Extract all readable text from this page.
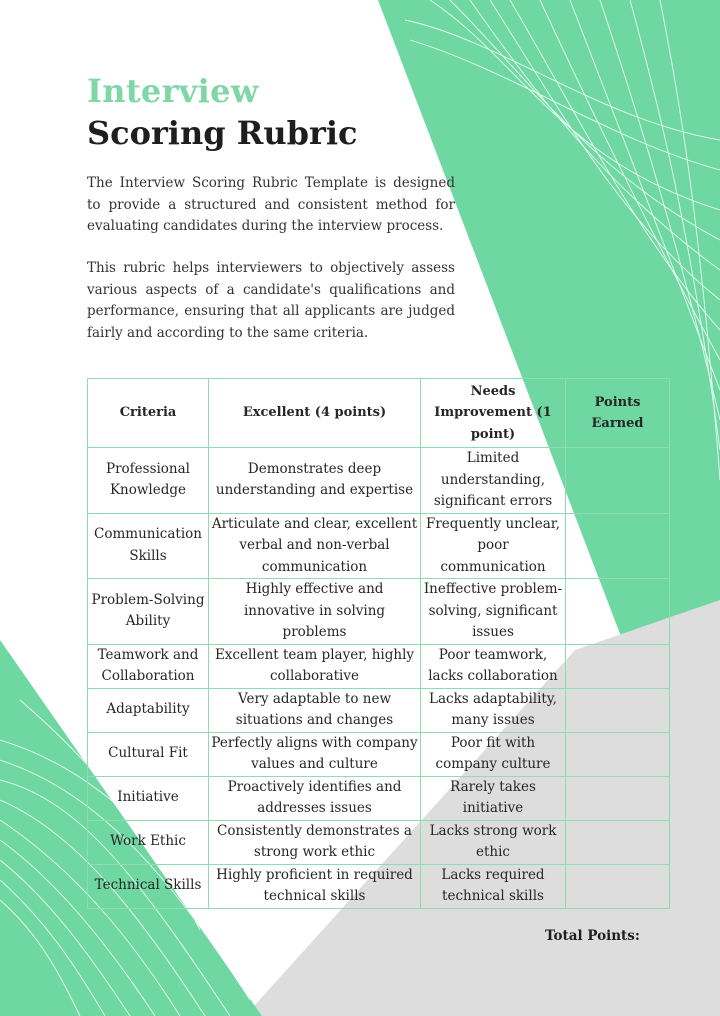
Interview
Scoring Rubric

The Interview Scoring Rubric Template is designed to provide a structured and consistent method for evaluating candidates during the interview process.

This rubric helps interviewers to objectively assess various aspects of a candidate's qualifications and performance, ensuring that all applicants are judged fairly and according to the same criteria.

Criteria	Excellent (4 points)	Needs Improvement (1 point)	Points Earned
Professional Knowledge	Demonstrates deep understanding and expertise	Limited understanding, significant errors	
Communication Skills	Articulate and clear, excellent verbal and non-verbal communication	Frequently unclear, poor communication	
Problem-Solving Ability	Highly effective and innovative in solving problems	Ineffective problem-solving, significant issues	
Teamwork and Collaboration	Excellent team player, highly collaborative	Poor teamwork, lacks collaboration	
Adaptability	Very adaptable to new situations and changes	Lacks adaptability, many issues	
Cultural Fit	Perfectly aligns with company values and culture	Poor fit with company culture	
Initiative	Proactively identifies and addresses issues	Rarely takes initiative	
Work Ethic	Consistently demonstrates a strong work ethic	Lacks strong work ethic	
Technical Skills	Highly proficient in required technical skills	Lacks required technical skills	
Total Points:
